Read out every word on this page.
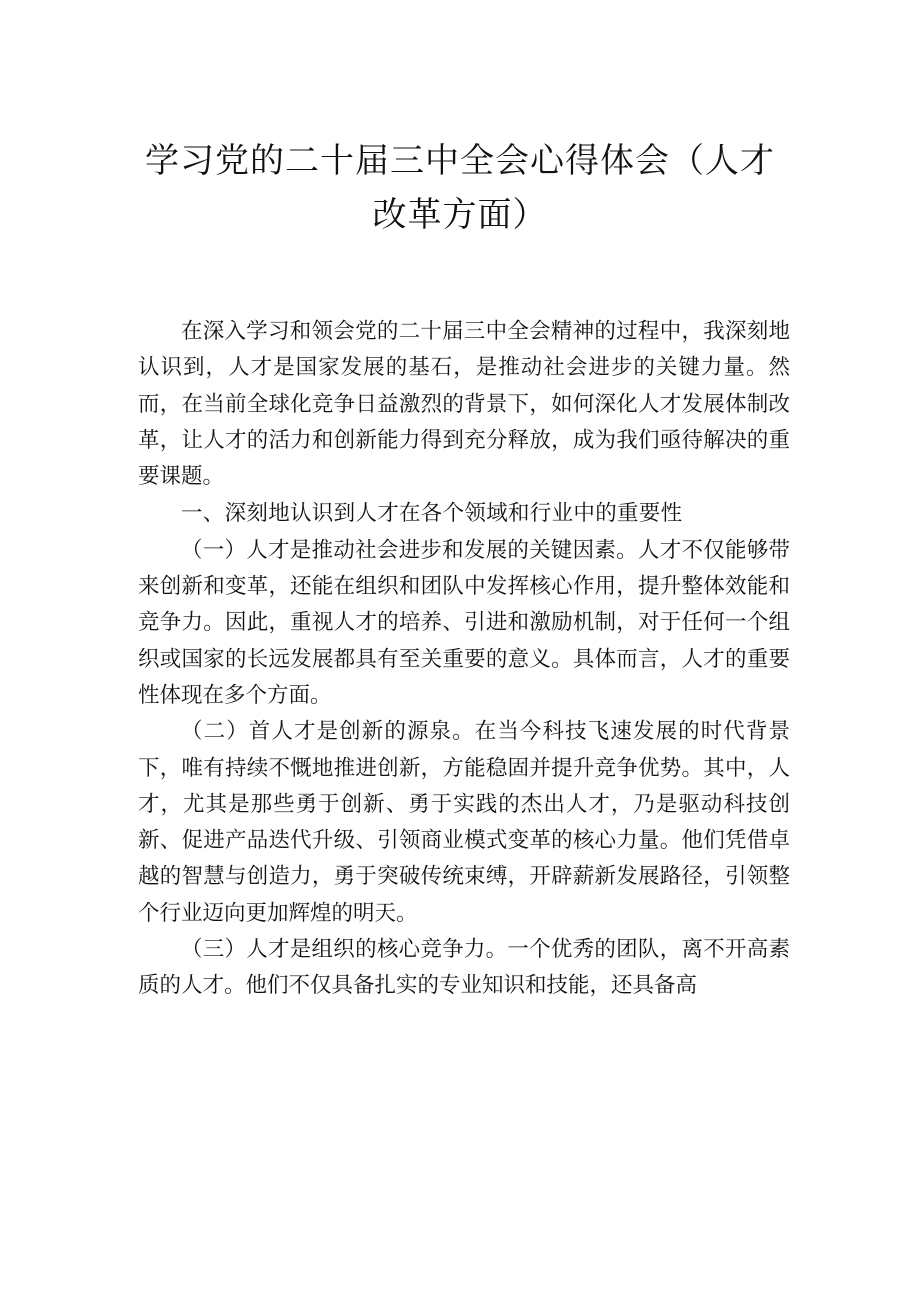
学习党的二十届三中全会心得体会（人才
改革方面）

在深入学习和领会党的二十届三中全会精神的过程中，我深刻地认识到，人才是国家发展的基石，是推动社会进步的关键力量。然而，在当前全球化竞争日益激烈的背景下，如何深化人才发展体制改革，让人才的活力和创新能力得到充分释放，成为我们亟待解决的重要课题。

一、深刻地认识到人才在各个领域和行业中的重要性

（一）人才是推动社会进步和发展的关键因素。人才不仅能够带来创新和变革，还能在组织和团队中发挥核心作用，提升整体效能和竞争力。因此，重视人才的培养、引进和激励机制，对于任何一个组织或国家的长远发展都具有至关重要的意义。具体而言，人才的重要性体现在多个方面。

（二）首人才是创新的源泉。在当今科技飞速发展的时代背景下，唯有持续不慨地推进创新，方能稳固并提升竞争优势。其中，人才，尤其是那些勇于创新、勇于实践的杰出人才，乃是驱动科技创新、促进产品迭代升级、引领商业模式变革的核心力量。他们凭借卓越的智慧与创造力，勇于突破传统束缚，开辟薪新发展路径，引领整个行业迈向更加辉煌的明天。

（三）人才是组织的核心竞争力。一个优秀的团队，离不开高素质的人才。他们不仅具备扎实的专业知识和技能，还具备高
